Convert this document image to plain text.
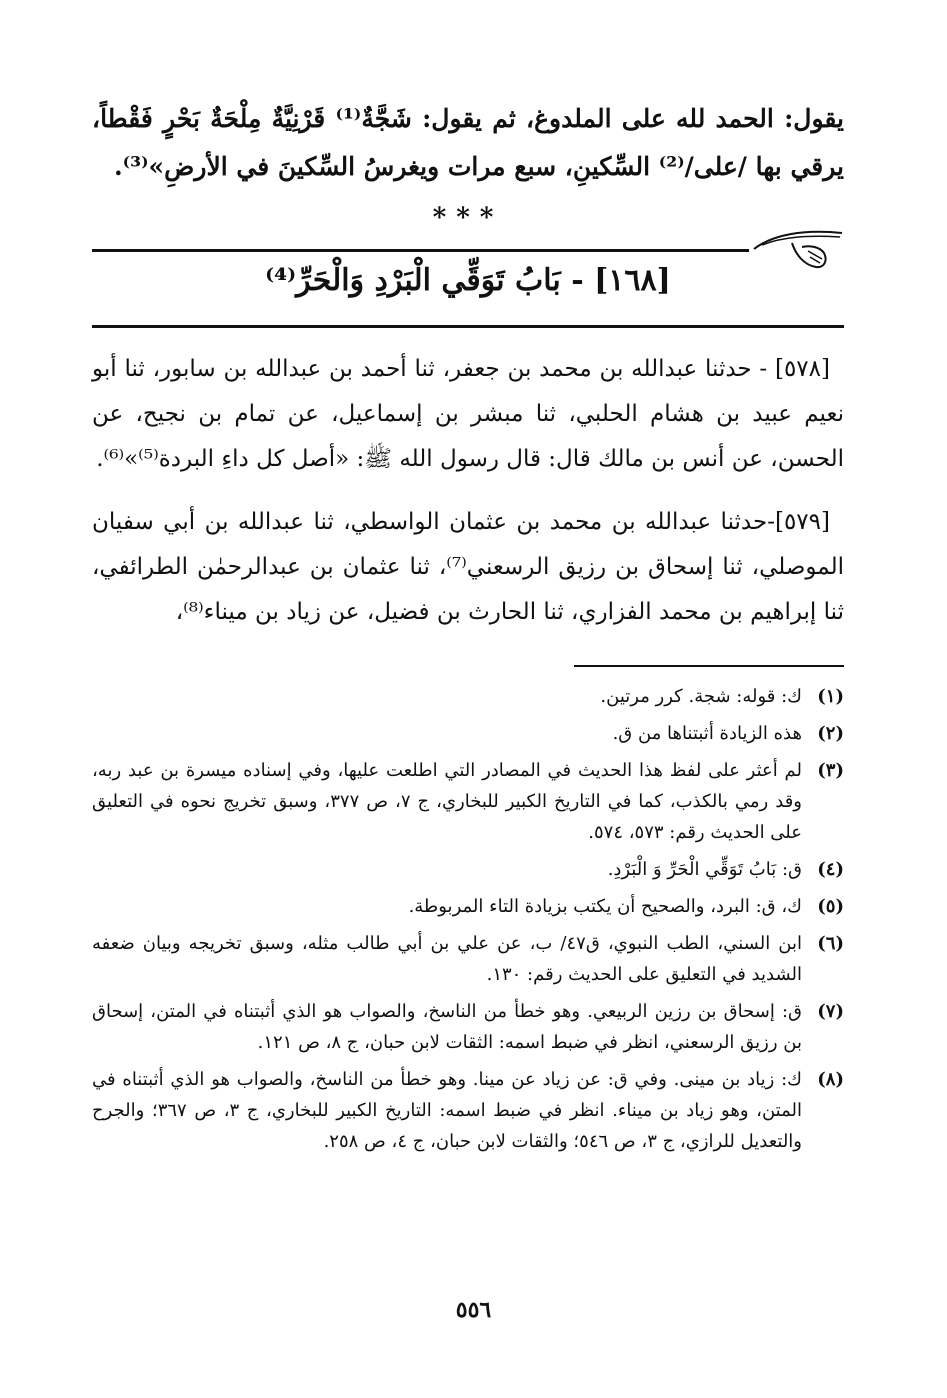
يقول: الحمد لله على الملدوغ، ثم يقول: شَجَّةٌ⁽¹⁾ قَرْنِيَّةٌ مِلْحَةٌ بَحْرٍ فَقْطاً، يرقي بها /على/⁽²⁾ السِّكينِ، سبع مرات ويغرسُ السِّكينَ في الأرضِ»⁽³⁾.

***
[١٦٨] - بَابُ تَوَقِّي الْبَرْدِ وَالْحَرِّ⁽⁴⁾

[٥٧٨] - حدثنا عبدالله بن محمد بن جعفر، ثنا أحمد بن عبدالله بن سابور، ثنا أبو نعيم عبيد بن هشام الحلبي، ثنا مبشر بن إسماعيل، عن تمام بن نجيح، عن الحسن، عن أنس بن مالك قال: قال رسول الله ﷺ: «أصل كل داءِ البردة⁽⁵⁾»⁽⁶⁾.

[٥٧٩]-حدثنا عبدالله بن محمد بن عثمان الواسطي، ثنا عبدالله بن أبي سفيان الموصلي، ثنا إسحاق بن رزيق الرسعني⁽⁷⁾، ثنا عثمان بن عبدالرحمٰن الطرائفي، ثنا إبراهيم بن محمد الفزاري، ثنا الحارث بن فضيل، عن زياد بن ميناء⁽⁸⁾،

(١)
ك: قوله: شجة. كرر مرتين.
(٢)
هذه الزيادة أثبتناها من ق.
(٣)
لم أعثر على لفظ هذا الحديث في المصادر التي اطلعت عليها، وفي إسناده ميسرة بن عبد ربه، وقد رمي بالكذب، كما في التاريخ الكبير للبخاري، ج ٧، ص ٣٧٧، وسبق تخريج نحوه في التعليق على الحديث رقم: ٥٧٣، ٥٧٤.
(٤)
ق: بَابُ تَوَقِّي الْحَرِّ وَ الْبَرْدِ.
(٥)
ك، ق: البرد، والصحيح أن يكتب بزيادة التاء المربوطة.
(٦)
ابن السني، الطب النبوي، ق٤٧/ ب، عن علي بن أبي طالب مثله، وسبق تخريجه وبيان ضعفه الشديد في التعليق على الحديث رقم: ١٣٠.
(٧)
ق: إسحاق بن رزين الربيعي. وهو خطأ من الناسخ، والصواب هو الذي أثبتناه في المتن، إسحاق بن رزيق الرسعني، انظر في ضبط اسمه: الثقات لابن حبان، ج ٨، ص ١٢١.
(٨)
ك: زياد بن مينى. وفي ق: عن زياد عن مينا. وهو خطأ من الناسخ، والصواب هو الذي أثبتناه في المتن، وهو زياد بن ميناء. انظر في ضبط اسمه: التاريخ الكبير للبخاري، ج ٣، ص ٣٦٧؛ والجرح والتعديل للرازي، ج ٣، ص ٥٤٦؛ والثقات لابن حبان، ج ٤، ص ٢٥٨.
٥٥٦
